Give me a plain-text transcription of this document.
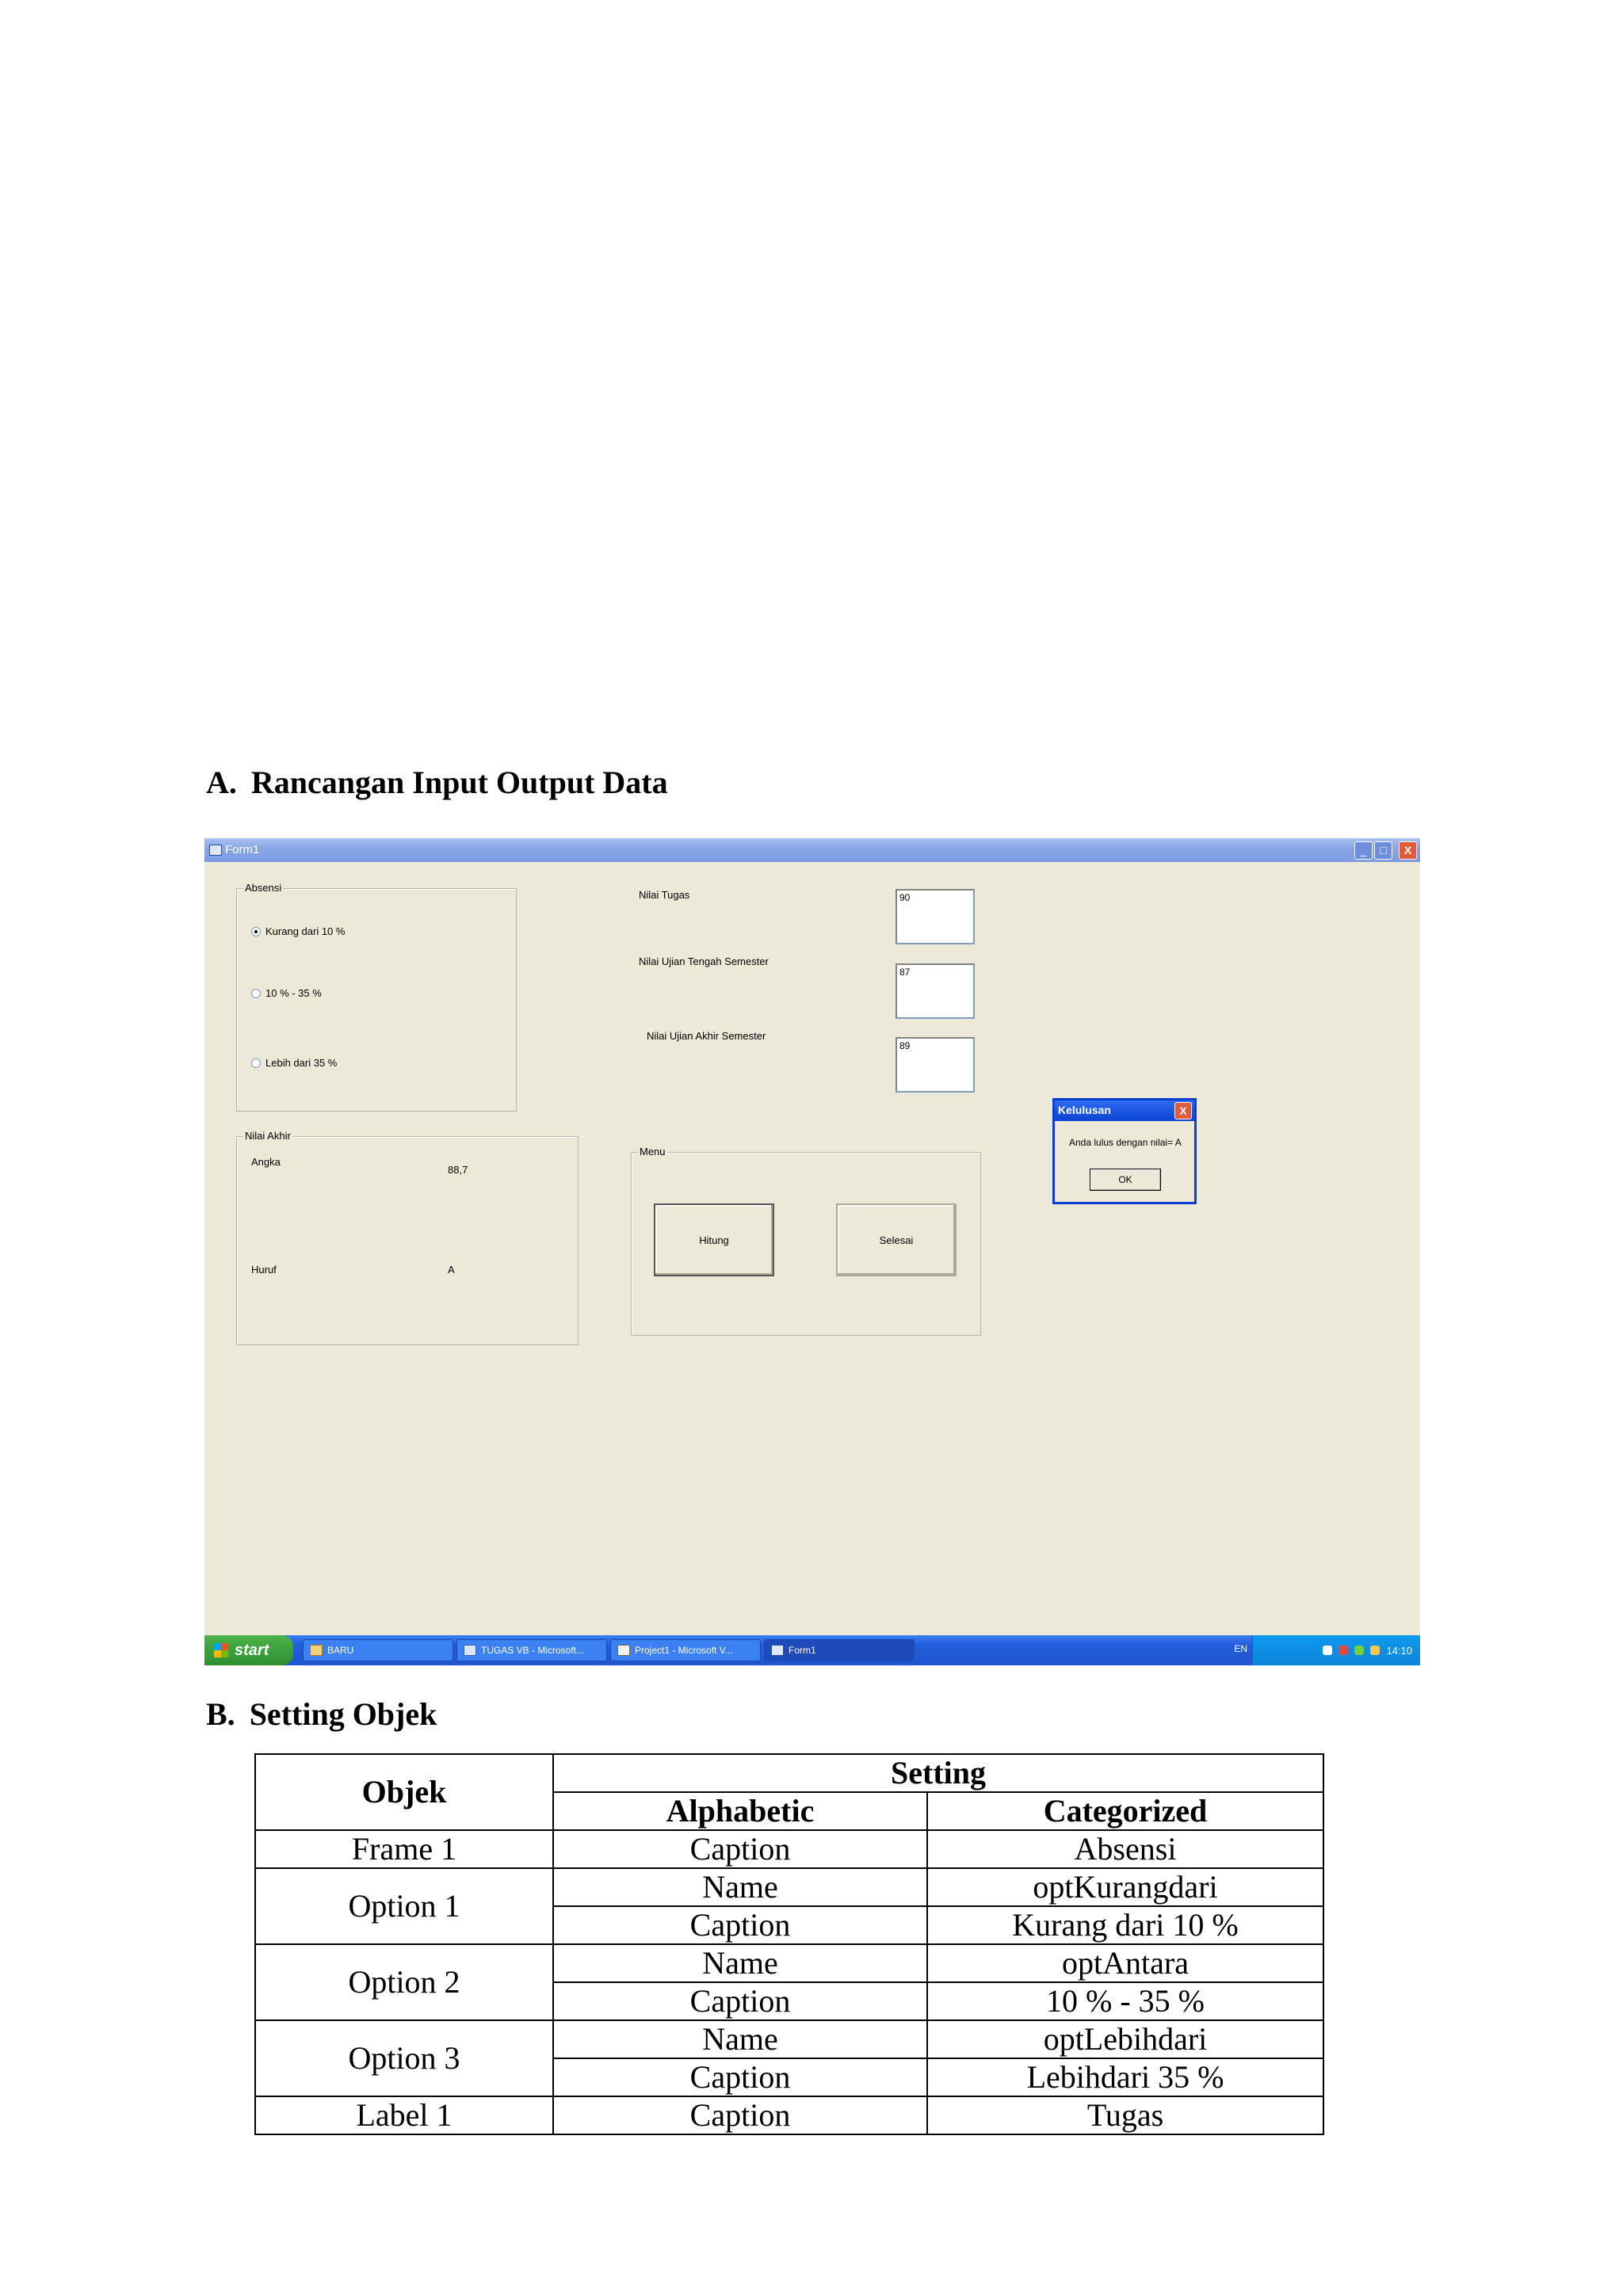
A. Rancangan Input Output Data
Form1	_	□	X
Absensi
Kurang dari 10 %
10 % - 35 %
Lebih dari 35 %
Nilai Tugas	90
Nilai Ujian Tengah Semester
87
Nilai Ujian Akhir Semester
89
Nilai Akhir
Angka
88,7
Huruf	A
Menu
Hitung	Selesai
Kelulusan	X
Anda lulus dengan nilai= A
OK
start	BARU	TUGAS VB - Microsoft...	Project1 - Microsoft V...	Form1	EN	14:10
B. Setting Objek
Objek	Setting	
	Alphabetic	Categorized
Frame 1	Caption	Absensi
Option 1	Name	optKurangdari
	Caption	Kurang dari 10 %
Option 2	Name	optAntara
	Caption	10 % - 35 %
Option 3	Name	optLebihdari
	Caption	Lebihdari 35 %
Label 1	Caption	Tugas
